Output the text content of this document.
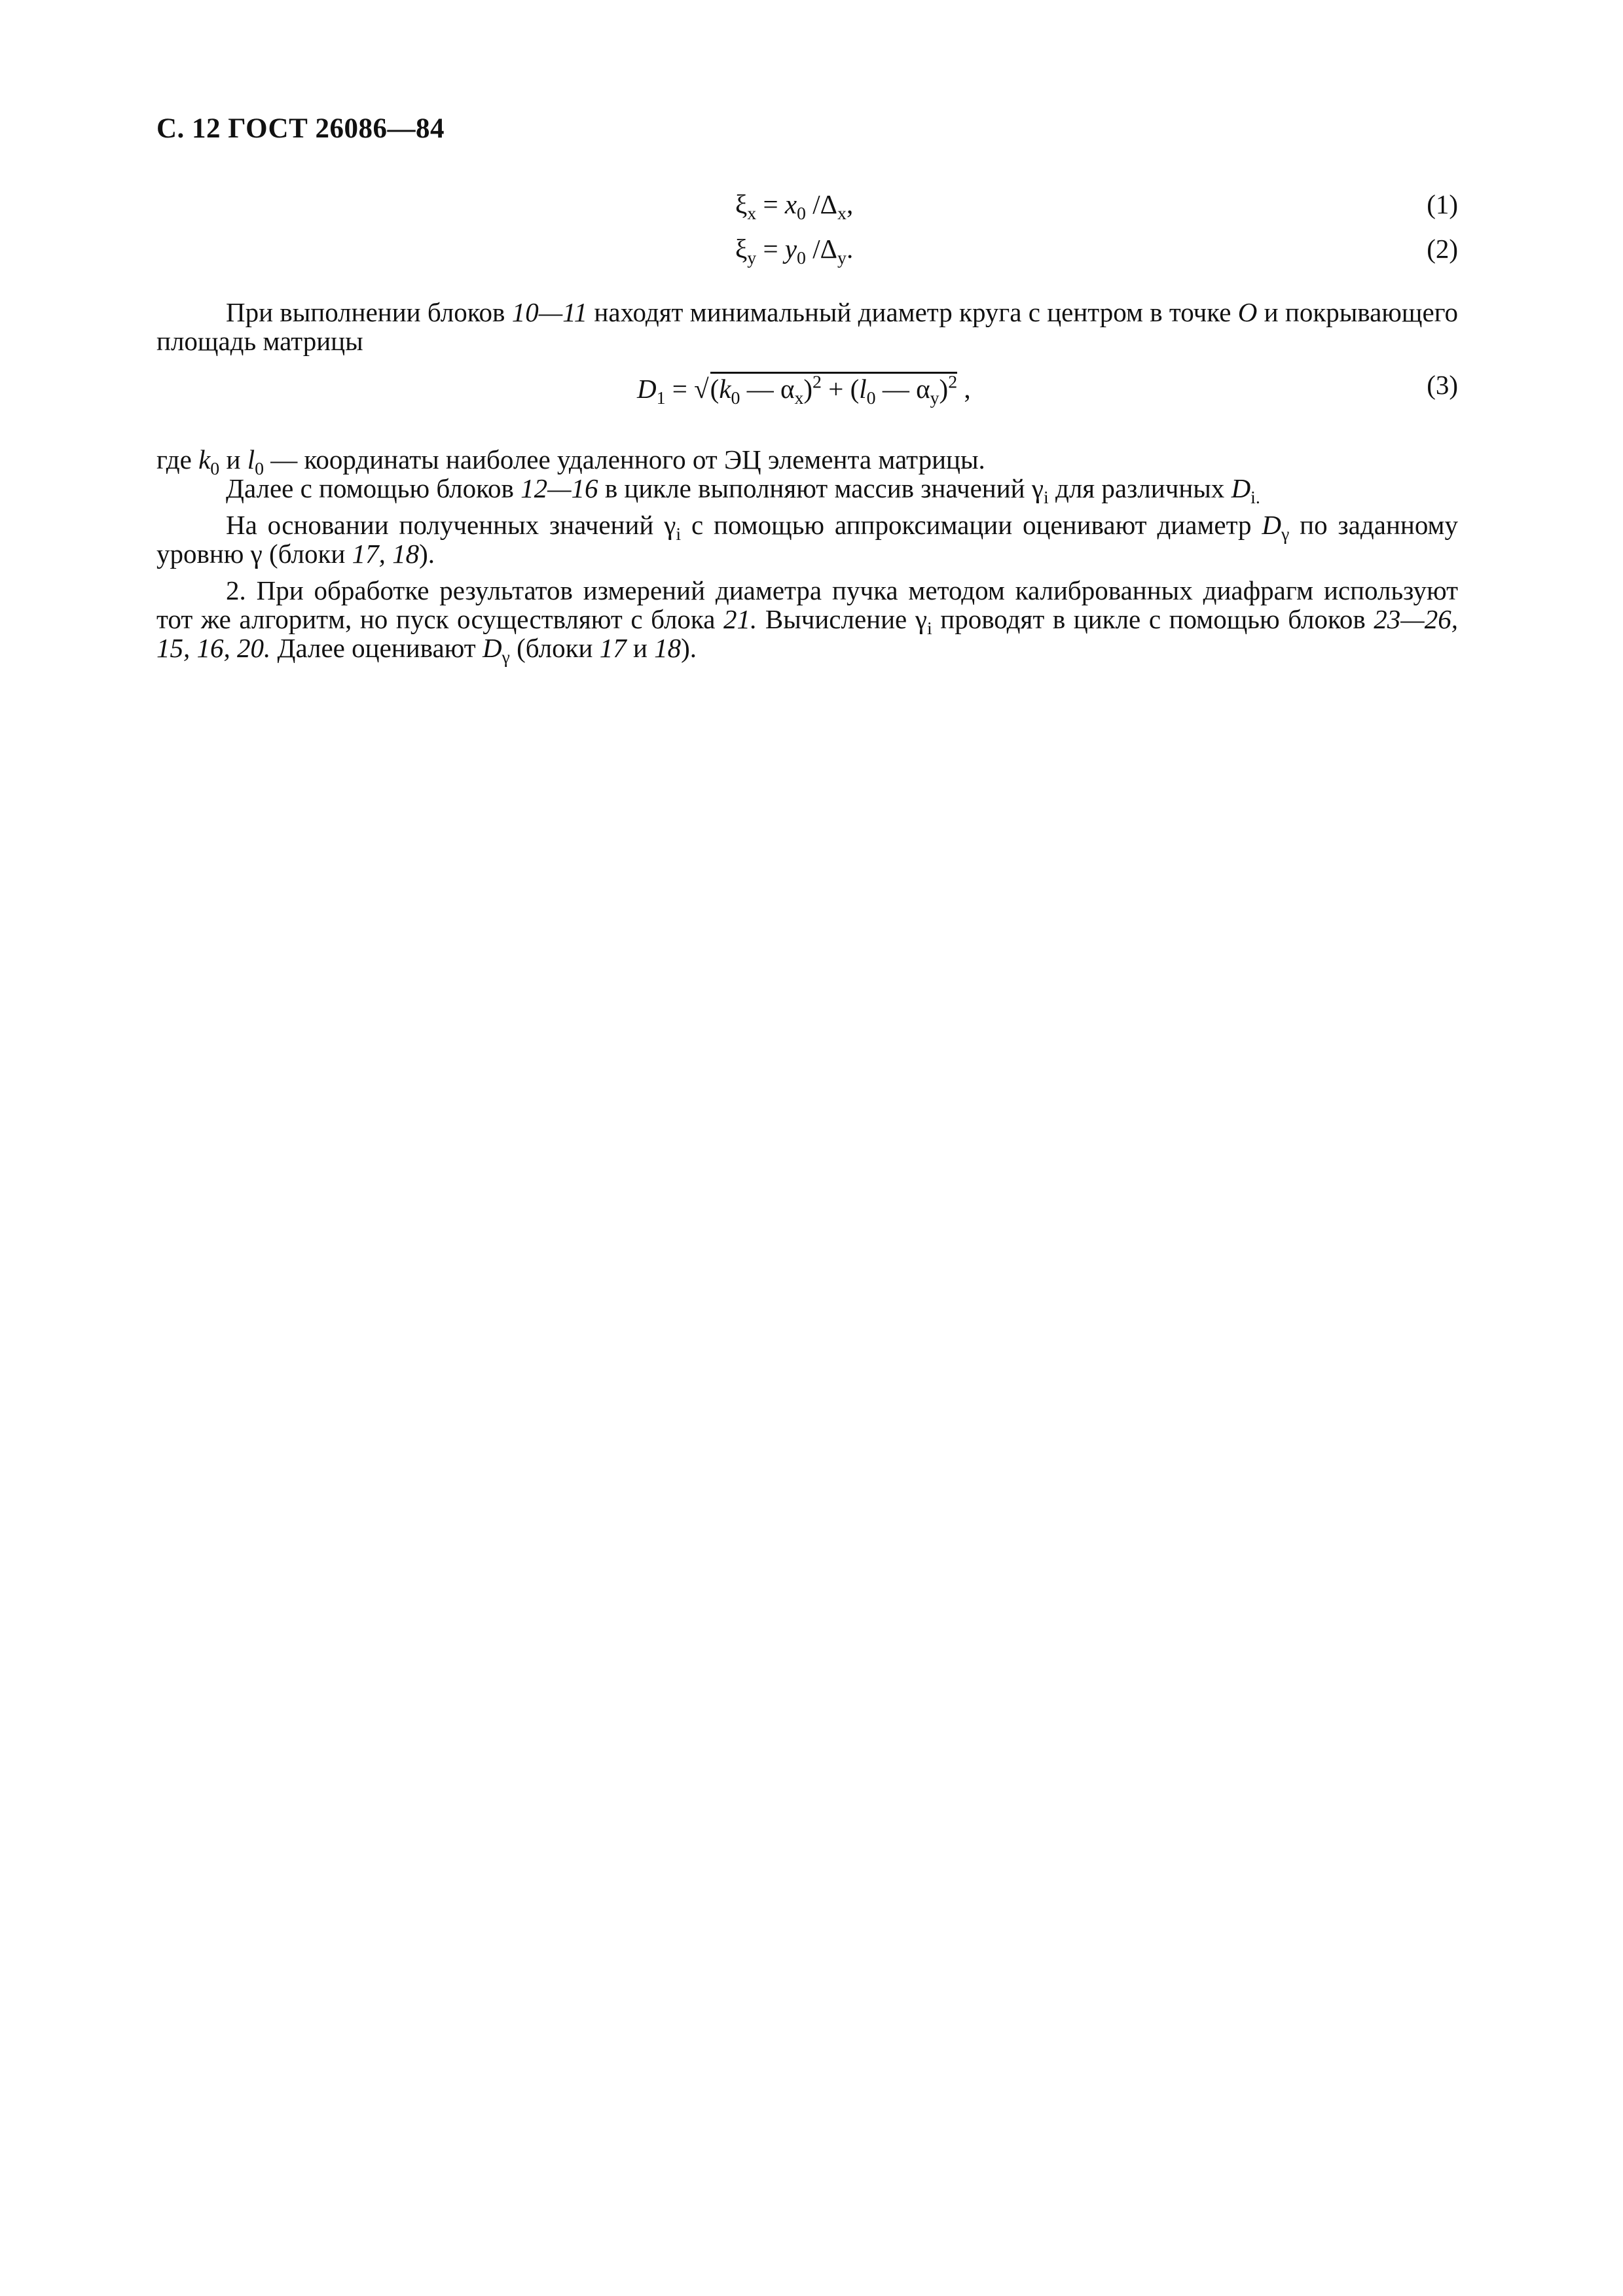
С. 12 ГОСТ 26086—84
$\xi_x = x_0$ $/\Delta_x$,	(1)
$\xi_y = y_0$ $/\Delta_y$.	(2)
При выполнении блоков 10—11 находят минимальный диаметр круга с центром в точке О и покрывающего площадь матрицы
$D_1 = √(k_0$ — $\alpha_x)^2 + (l_0$ — $\alpha_y)^2$ ,	(3)
где $k_0$ и $l_0$ — координаты наиболее удаленного от ЭЦ элемента матрицы.
Далее с помощью блоков 12—16 в цикле выполняют массив значений $\gamma_i$ для различных $D_{i.}$
На основании полученных значений $\gamma_i$ с помощью аппроксимации оценивают диаметр $D_\gamma$ по заданному уровню γ (блоки 17, 18).
2. При обработке результатов измерений диаметра пучка методом калиброванных диафрагм используют тот же алгоритм, но пуск осуществляют с блока 21. Вычисление $\gamma_i$ проводят в цикле с помощью блоков 23—26, 15, 16, 20. Далее оценивают $D_\gamma$ (блоки 17 и 18).
